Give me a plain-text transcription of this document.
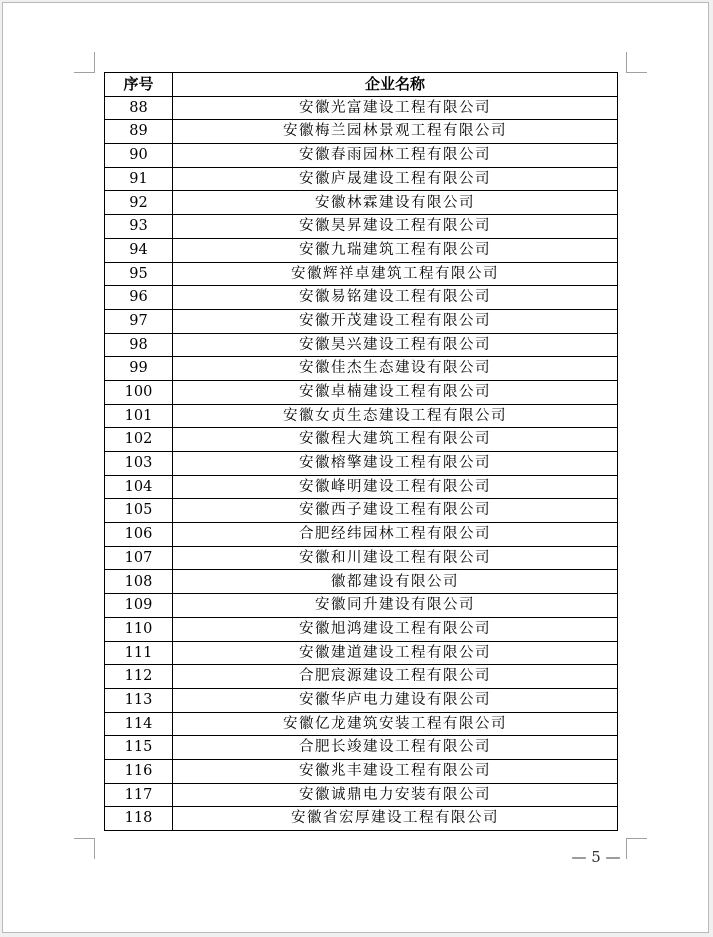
序号	企业名称
88	安徽光富建设工程有限公司
89	安徽梅兰园林景观工程有限公司
90	安徽春雨园林工程有限公司
91	安徽庐晟建设工程有限公司
92	安徽林霖建设有限公司
93	安徽昊昇建设工程有限公司
94	安徽九瑞建筑工程有限公司
95	安徽辉祥卓建筑工程有限公司
96	安徽易铭建设工程有限公司
97	安徽开茂建设工程有限公司
98	安徽昊兴建设工程有限公司
99	安徽佳杰生态建设有限公司
100	安徽卓楠建设工程有限公司
101	安徽女贞生态建设工程有限公司
102	安徽程大建筑工程有限公司
103	安徽榕擎建设工程有限公司
104	安徽峰明建设工程有限公司
105	安徽西子建设工程有限公司
106	合肥经纬园林工程有限公司
107	安徽和川建设工程有限公司
108	徽都建设有限公司
109	安徽同升建设有限公司
110	安徽旭鸿建设工程有限公司
111	安徽建道建设工程有限公司
112	合肥宸源建设工程有限公司
113	安徽华庐电力建设有限公司
114	安徽亿龙建筑安装工程有限公司
115	合肥长竣建设工程有限公司
116	安徽兆丰建设工程有限公司
117	安徽诚鼎电力安装有限公司
118	安徽省宏厚建设工程有限公司
— 5 —
